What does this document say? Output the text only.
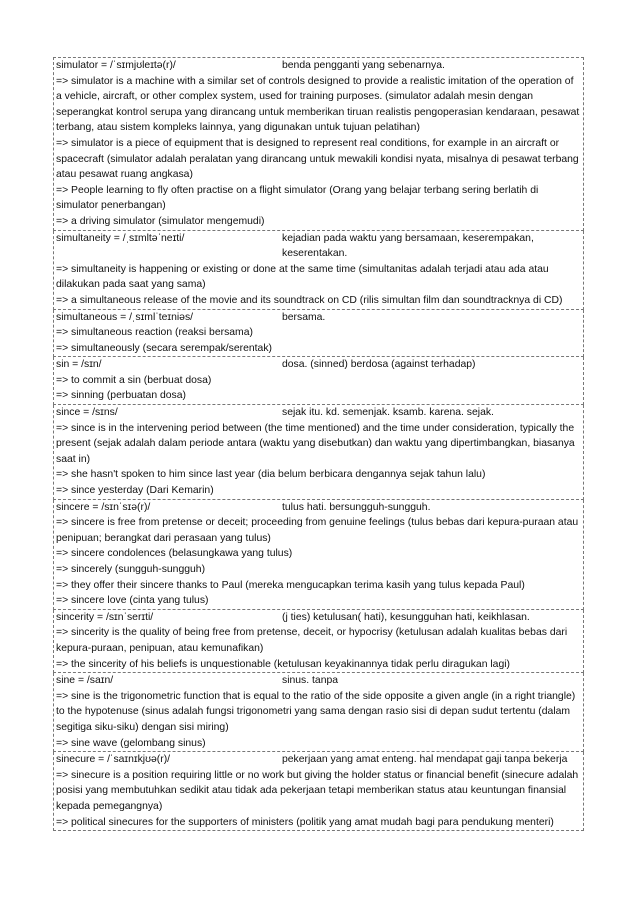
simulator = /ˈsɪmjʊleɪtə(r)/	benda pengganti yang sebenarnya.
=> simulator is a machine with a similar set of controls designed to provide a realistic imitation of the operation of a vehicle, aircraft, or other complex system, used for training purposes. (simulator adalah mesin dengan seperangkat kontrol serupa yang dirancang untuk memberikan tiruan realistis pengoperasian kendaraan, pesawat terbang, atau sistem kompleks lainnya, yang digunakan untuk tujuan pelatihan)
=> simulator is a piece of equipment that is designed to represent real conditions, for example in an aircraft or spacecraft (simulator adalah peralatan yang dirancang untuk mewakili kondisi nyata, misalnya di pesawat terbang atau pesawat ruang angkasa)
=> People learning to fly often practise on a flight simulator (Orang yang belajar terbang sering berlatih di simulator penerbangan)
=> a driving simulator (simulator mengemudi)
simultaneity = /ˌsɪmltəˈneɪti/	kejadian pada waktu yang bersamaan, keserempakan, keserentakan.
=> simultaneity is happening or existing or done at the same time (simultanitas adalah terjadi atau ada atau dilakukan pada saat yang sama)
=> a simultaneous release of the movie and its soundtrack on CD (rilis simultan film dan soundtracknya di CD)
simultaneous = /ˌsɪmlˈteɪniəs/	bersama.
=> simultaneous reaction (reaksi bersama)
=> simultaneously (secara serempak/serentak)
sin = /sɪn/	dosa. (sinned) berdosa (against terhadap)
=> to commit a sin (berbuat dosa)
=> sinning (perbuatan dosa)
since = /sɪns/	sejak itu. kd. semenjak. ksamb. karena. sejak.
=> since is in the intervening period between (the time mentioned) and the time under consideration, typically the present (sejak adalah dalam periode antara (waktu yang disebutkan) dan waktu yang dipertimbangkan, biasanya saat in)
=> she hasn't spoken to him since last year (dia belum berbicara dengannya sejak tahun lalu)
=> since yesterday (Dari Kemarin)
sincere = /sɪnˈsɪə(r)/	tulus hati. bersungguh-sungguh.
=> sincere is free from pretense or deceit; proceeding from genuine feelings (tulus bebas dari kepura-puraan atau penipuan; berangkat dari perasaan yang tulus)
=> sincere condolences (belasungkawa yang tulus)
=> sincerely (sungguh-sungguh)
=> they offer their sincere thanks to Paul (mereka mengucapkan terima kasih yang tulus kepada Paul)
=> sincere love (cinta yang tulus)
sincerity = /sɪnˈserɪti/	(j ties) ketulusan( hati), kesungguhan hati, keikhlasan.
=> sincerity is the quality of being free from pretense, deceit, or hypocrisy (ketulusan adalah kualitas bebas dari kepura-puraan, penipuan, atau kemunafikan)
=> the sincerity of his beliefs is unquestionable (ketulusan keyakinannya tidak perlu diragukan lagi)
sine = /saɪn/	sinus. tanpa
=> sine is the trigonometric function that is equal to the ratio of the side opposite a given angle (in a right triangle) to the hypotenuse (sinus adalah fungsi trigonometri yang sama dengan rasio sisi di depan sudut tertentu (dalam segitiga siku-siku) dengan sisi miring)
=> sine wave (gelombang sinus)
sinecure = /ˈsaɪnɪkjʊə(r)/	pekerjaan yang amat enteng. hal mendapat gaji tanpa bekerja
=> sinecure is a position requiring little or no work but giving the holder status or financial benefit (sinecure adalah posisi yang membutuhkan sedikit atau tidak ada pekerjaan tetapi memberikan status atau keuntungan finansial kepada pemegangnya)
=> political sinecures for the supporters of ministers (politik yang amat mudah bagi para pendukung menteri)
